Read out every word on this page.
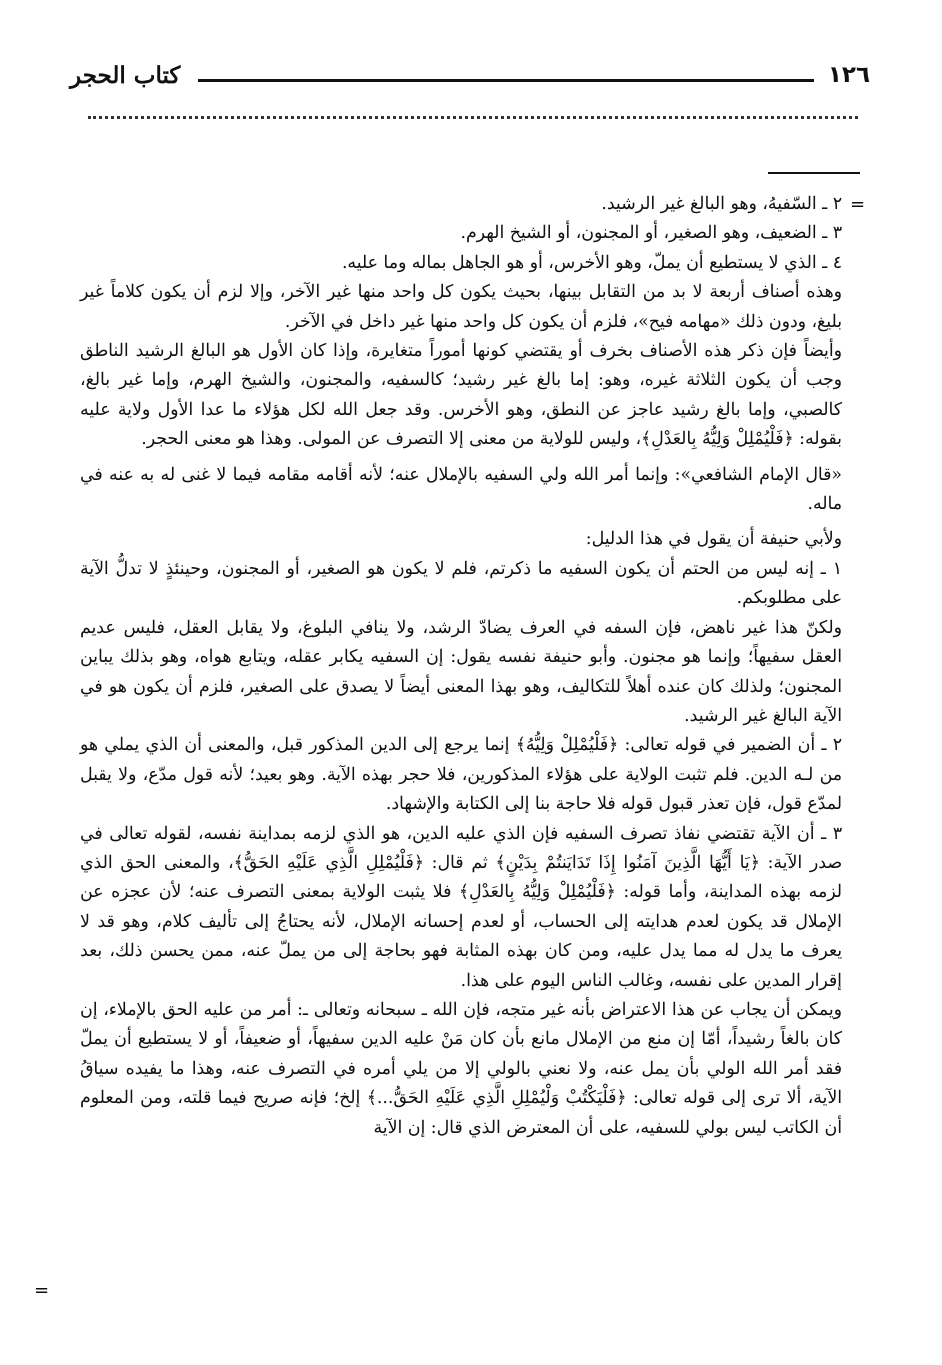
١٢٦
كتاب الحجر
=
=

٢ ـ السّفيهُ، وهو البالغ غير الرشيد.

٣ ـ الضعيف، وهو الصغير، أو المجنون، أو الشيخ الهرم.

٤ ـ الذي لا يستطيع أن يملّ، وهو الأخرس، أو هو الجاهل بماله وما عليه.

وهذه أصناف أربعة لا بد من التقابل بينها، بحيث يكون كل واحد منها غير الآخر، وإلا لزم أن يكون كلاماً غير بليغ، ودون ذلك «مهامه فيح»، فلزم أن يكون كل واحد منها غير داخل في الآخر.

وأيضاً فإن ذكر هذه الأصناف بخرف أو يقتضي كونها أموراً متغايرة، وإذا كان الأول هو البالغ الرشيد الناطق وجب أن يكون الثلاثة غيره، وهو: إما بالغ غير رشيد؛ كالسفيه، والمجنون، والشيخ الهرم، وإما غير بالغ، كالصبي، وإما بالغ رشيد عاجز عن النطق، وهو الأخرس. وقد جعل الله لكل هؤلاء ما عدا الأول ولاية عليه بقوله: ﴿فَلْيُمْلِلْ وَلِيُّهُ بِالعَدْلِ﴾، وليس للولاية من معنى إلا التصرف عن المولى. وهذا هو معنى الحجر.

«قال الإمام الشافعي»: وإنما أمر الله ولي السفيه بالإملال عنه؛ لأنه أقامه مقامه فيما لا غنى له به عنه في ماله.

ولأبي حنيفة أن يقول في هذا الدليل:

١ ـ إنه ليس من الحتم أن يكون السفيه ما ذكرتم، فلم لا يكون هو الصغير، أو المجنون، وحينئذٍ لا تدلُّ الآية على مطلوبكم.

ولكنّ هذا غير ناهض، فإن السفه في العرف يضادّ الرشد، ولا ينافي البلوغ، ولا يقابل العقل، فليس عديم العقل سفيهاً؛ وإنما هو مجنون. وأبو حنيفة نفسه يقول: إن السفيه يكابر عقله، ويتابع هواه، وهو بذلك يباين المجنون؛ ولذلك كان عنده أهلاً للتكاليف، وهو بهذا المعنى أيضاً لا يصدق على الصغير، فلزم أن يكون هو في الآية البالغ غير الرشيد.

٢ ـ أن الضمير في قوله تعالى: ﴿فَلْيُمْلِلْ وَلِيُّهُ﴾ إنما يرجع إلى الدين المذكور قبل، والمعنى أن الذي يملي هو من لـه الدين. فلم تثبت الولاية على هؤلاء المذكورين، فلا حجر بهذه الآية. وهو بعيد؛ لأنه قول مدّع، ولا يقبل لمدّع قول، فإن تعذر قبول قوله فلا حاجة بنا إلى الكتابة والإشهاد.

٣ ـ أن الآية تقتضي نفاذ تصرف السفيه فإن الذي عليه الدين، هو الذي لزمه بمداينة نفسه، لقوله تعالى في صدر الآية: ﴿يَا أَيُّهَا الَّذِينَ آمَنُوا إِذَا تَدَايَنتُمْ بِدَيْنٍ﴾ ثم قال: ﴿فَلْيُمْلِلِ الَّذِي عَلَيْهِ الحَقُّ﴾، والمعنى الحق الذي لزمه بهذه المداينة، وأما قوله: ﴿فَلْيُمْلِلْ وَلِيُّهُ بِالعَدْلِ﴾ فلا يثبت الولاية بمعنى التصرف عنه؛ لأن عجزه عن الإملال قد يكون لعدم هدايته إلى الحساب، أو لعدم إحسانه الإملال، لأنه يحتاجُ إلى تأليف كلام، وهو قد لا يعرف ما يدل له مما يدل عليه، ومن كان بهذه المثابة فهو بحاجة إلى من يملّ عنه، ممن يحسن ذلك، بعد إقرار المدين على نفسه، وغالب الناس اليوم على هذا.

ويمكن أن يجاب عن هذا الاعتراض بأنه غير متجه، فإن الله ـ سبحانه وتعالى ـ: أمر من عليه الحق بالإملاء، إن كان بالغاً رشيداً، أمّا إن منع من الإملال مانع بأن كان مَنْ عليه الدين سفيهاً، أو ضعيفاً، أو لا يستطيع أن يملّ فقد أمر الله الولي بأن يمل عنه، ولا نعني بالولي إلا من يلي أمره في التصرف عنه، وهذا ما يفيده سياقُ الآية، ألا ترى إلى قوله تعالى: ﴿فَلْيَكْتُبْ وَلْيُمْلِلِ الَّذِي عَلَيْهِ الحَقُّ...﴾ إلخ؛ فإنه صريح فيما قلته، ومن المعلوم أن الكاتب ليس بولي للسفيه، على أن المعترض الذي قال: إن الآية
